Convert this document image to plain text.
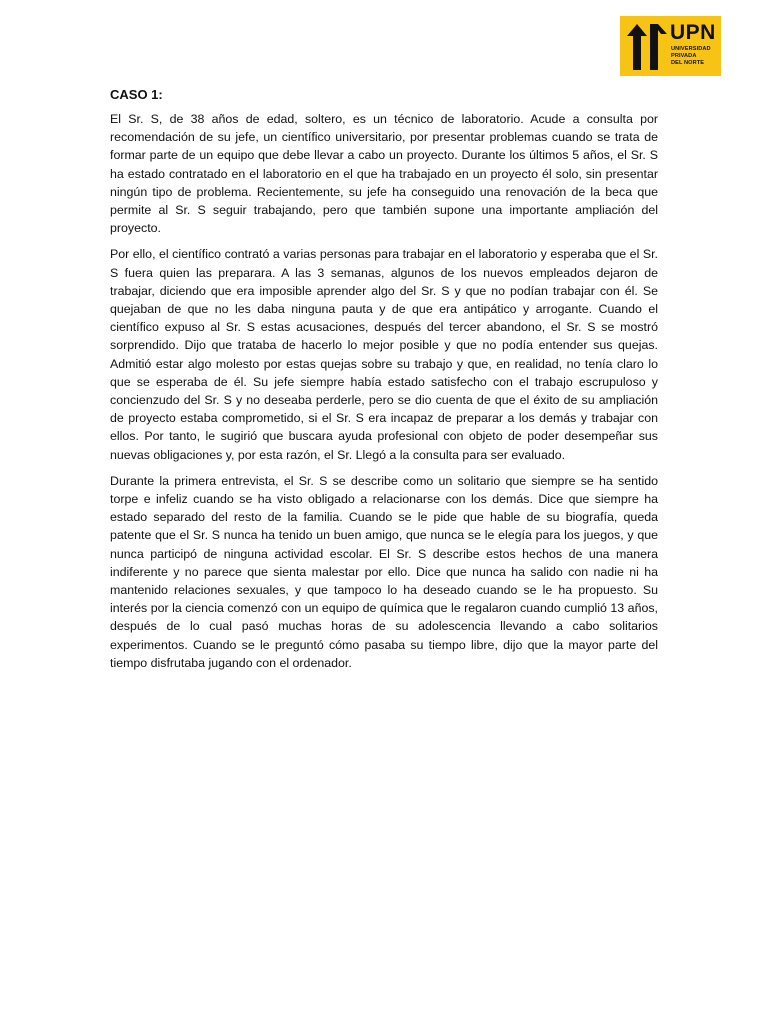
UPN
UNIVERSIDAD
PRIVADA
DEL NORTE
CASO 1:

El Sr. S, de 38 años de edad, soltero, es un técnico de laboratorio. Acude a consulta por recomendación de su jefe, un científico universitario, por presentar problemas cuando se trata de formar parte de un equipo que debe llevar a cabo un proyecto. Durante los últimos 5 años, el Sr. S ha estado contratado en el laboratorio en el que ha trabajado en un proyecto él solo, sin presentar ningún tipo de problema. Recientemente, su jefe ha conseguido una renovación de la beca que permite al Sr. S seguir trabajando, pero que también supone una importante ampliación del proyecto.

Por ello, el científico contrató a varias personas para trabajar en el laboratorio y esperaba que el Sr. S fuera quien las preparara. A las 3 semanas, algunos de los nuevos empleados dejaron de trabajar, diciendo que era imposible aprender algo del Sr. S y que no podían trabajar con él. Se quejaban de que no les daba ninguna pauta y de que era antipático y arrogante. Cuando el científico expuso al Sr. S estas acusaciones, después del tercer abandono, el Sr. S se mostró sorprendido. Dijo que trataba de hacerlo lo mejor posible y que no podía entender sus quejas. Admitió estar algo molesto por estas quejas sobre su trabajo y que, en realidad, no tenía claro lo que se esperaba de él. Su jefe siempre había estado satisfecho con el trabajo escrupuloso y concienzudo del Sr. S y no deseaba perderle, pero se dio cuenta de que el éxito de su ampliación de proyecto estaba comprometido, si el Sr. S era incapaz de preparar a los demás y trabajar con ellos. Por tanto, le sugirió que buscara ayuda profesional con objeto de poder desempeñar sus nuevas obligaciones y, por esta razón, el Sr. Llegó a la consulta para ser evaluado.

Durante la primera entrevista, el Sr. S se describe como un solitario que siempre se ha sentido torpe e infeliz cuando se ha visto obligado a relacionarse con los demás. Dice que siempre ha estado separado del resto de la familia. Cuando se le pide que hable de su biografía, queda patente que el Sr. S nunca ha tenido un buen amigo, que nunca se le elegía para los juegos, y que nunca participó de ninguna actividad escolar. El Sr. S describe estos hechos de una manera indiferente y no parece que sienta malestar por ello. Dice que nunca ha salido con nadie ni ha mantenido relaciones sexuales, y que tampoco lo ha deseado cuando se le ha propuesto. Su interés por la ciencia comenzó con un equipo de química que le regalaron cuando cumplió 13 años, después de lo cual pasó muchas horas de su adolescencia llevando a cabo solitarios experimentos. Cuando se le preguntó cómo pasaba su tiempo libre, dijo que la mayor parte del tiempo disfrutaba jugando con el ordenador.
